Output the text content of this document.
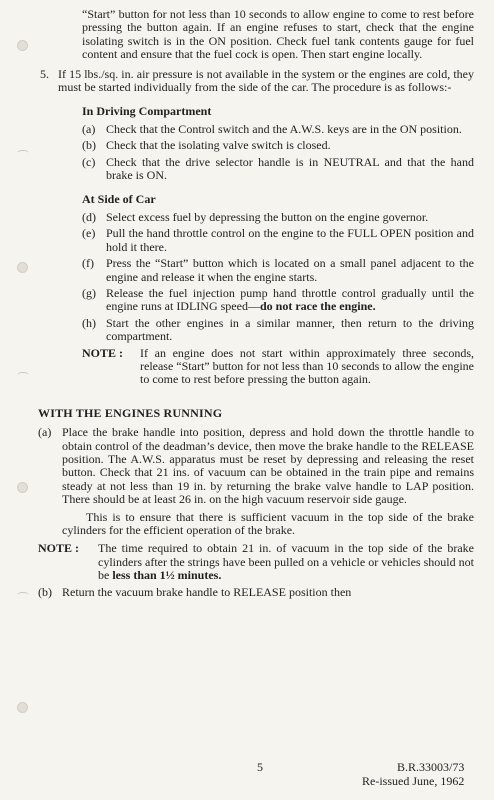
“Start” button for not less than 10 seconds to allow engine to come to rest before pressing the button again. If an engine refuses to start, check that the engine isolating switch is in the ON position. Check fuel tank contents gauge for fuel content and ensure that the fuel cock is open. Then start engine locally.

5. If 15 lbs./sq. in. air pressure is not available in the system or the engines are cold, they must be started individually from the side of the car. The procedure is as follows:-
In Driving Compartment
(a) Check that the Control switch and the A.W.S. keys are in the ON position.
(b) Check that the isolating valve switch is closed.
(c) Check that the drive selector handle is in NEUTRAL and that the hand brake is ON.
At Side of Car
(d) Select excess fuel by depressing the button on the engine governor.
(e) Pull the hand throttle control on the engine to the FULL OPEN position and hold it there.
(f)	Press the “Start” button which is located on a small panel adjacent to the engine and release it when the engine starts.
(g) Release the fuel injection pump hand throttle control gradually until the engine runs at IDLING speed—do not race the engine.
(h) Start the other engines in a similar manner, then return to the driving compartment.
NOTE :	If an engine does not start within approximately three seconds, release “Start” button for not less than 10 seconds to allow the engine to come to rest before pressing the button again.
WITH THE ENGINES RUNNING
(a) Place the brake handle into position, depress and hold down the throttle handle to obtain control of the deadman’s device, then move the brake handle to the RELEASE position. The A.W.S. apparatus must be reset by depressing and releasing the reset button. Check that 21 ins. of vacuum can be obtained in the train pipe and remains steady at not less than 19 in. by returning the brake valve handle to LAP position. There should be at least 26 in. on the high vacuum reservoir side gauge.
This is to ensure that there is sufficient vacuum in the top side of the brake cylinders for the efficient operation of the brake.
NOTE :	The time required to obtain 21 in. of vacuum in the top side of the brake cylinders after the strings have been pulled on a vehicle or vehicles should not be less than 1½ minutes.
(b) Return the vacuum brake handle to RELEASE position then
5	B.R.33003/73
Re-issued June, 1962
